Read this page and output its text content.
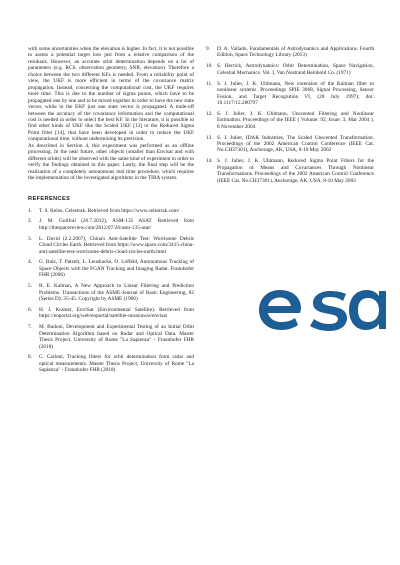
with some uncertainties when the elevation is higher. In fact, it is not possible to assess a potential target loss just from a relative comparison of the residuals. However, an accurate orbit determination depends on a lot of parameters (e.g. RCS, observation geometry, SNR, elevation). Therefore a choice between the two different KFs is needed. From a reliability point of view, the UKF is more efficient in terms of the covariance matrix propagation. Instead, concerning the computational cost, the UKF requires more time. This is due to the number of sigma points, which have to be propagated one by one and to be mixed together in order to have the new state vector, while in the EKF just one state vector is propagated. A trade-off between the accuracy of the covariance information and the computational cost is needed in order to select the best KF. In the literature, it is possible to find other kinds of UKF like the Scaled UKF [13] or the Reduced Sigma Point filter [14], that have been developed in order to reduce the UKF computational time, without undermining its precision.

As described in Section 4, this experiment was performed as an offline processing. In the near future, other objects (smaller than Envisat and with different orbits) will be observed with the same kind of experiment in order to verify the findings obtained in this paper. Lastly, the final step will be the realization of a completely autonomous real time procedure, which requires the implementation of the investigated algorithms in the TIRA system.

REFERENCES
1. T. S. Kelso, Celestrak. Retrieved from https://www.celestrak.com/
2. J. M. Guilfoil (26.7.2012), ASM-135 ASAT. Retrieved from http://thespacereview.com/2012/07/26/asm-135-asat/
3. L. David (2.2.2007), China's Anti-Satellite Test: Worrisome Debris Cloud Circles Earth. Retrieved from https://www.space.com/3415-china-anti-satellite-test-worrisome-debris-cloud-circles-earth.html
4. G. Ruiz, T. Patzelt, L. Leushacke, O. Loffeld, Autonomous Tracking of Space Objects with the FGAN Tracking and Imaging Radar. Fraunhofer FHR (2006)
5. R. E. Kalman, A New Approach to Linear Filtering and Prediction Problems. Transactions of the ASME-Journal of Basic Engineering, 82 (Series D): 35-45. Copyright by ASME (1960)
6. H. J. Kramer, EnviSat (Environmental Satellite). Retrieved from https://eoportal.org/web/eoportal/satellite-missions/e/envisat
7. M. Budoni, Development and Experimental Testing of an Initial Orbit Determination Algorithm based on Radar and Optical Data. Master Thesis Project, University of Rome "La Sapienza" - Fraunhofer FHR (2018)
8. C. Carloni, Tracking filters for orbit determination from radar and optical measurements. Master Thesis Project, University of Rome "La Sapienza" - Fraunhofer FHR (2018)
9. D. A. Vallado, Fundamentals of Astrodynamics and Applications. Fourth Edition, Space Technology Library (2013)
10. S. Herrick, Astrodynamics: Orbit Determination, Space Navigation, Celestial Mechanics. Vol. I, Van Nostrand Reinhold Co. (1971)
11. S. J. Julier, J. K. Uhlmann, New extension of the Kalman filter to nonlinear systems. Proceedings SPIE 3068, Signal Processing, Sensor Fusion, and Target Recognition VI, (28 July 1997); doi: 10.1117/12.280797
12. S. J. Julier, J. K. Uhlmann, Unscented Filtering and Nonlinear Estimation. Proceedings of the IEEE ( Volume: 92, Issue: 3, Mar 2004 ), 8 November 2004
13. S. J. Julier, IDAK Industries, The Scaled Unscented Transformation. Proceedings of the 2002 American Control Conference (IEEE Cat. No.CH37301), Anchorage, AK, USA, 8-10 May 2002
14. S. J. Julier, J. K. Uhlmann, Reduced Sigma Point Filters for the Propagation of Means and Covariances Through Nonlinear Transformations. Proceedings of the 2002 American Control Conference (IEEE Cat. No.CH37301), Anchorage, AK, USA, 8-10 May 2002
